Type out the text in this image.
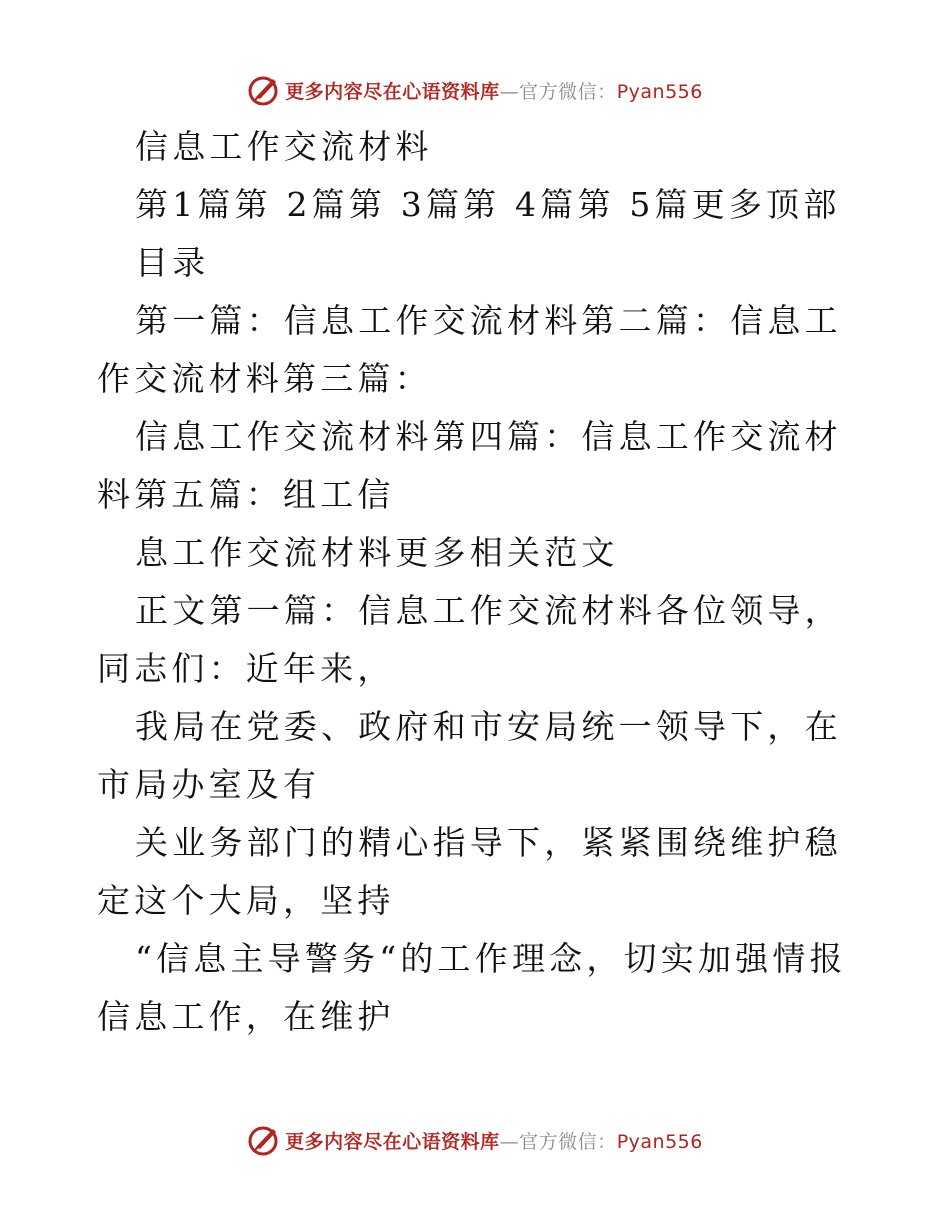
更多内容尽在心语资料库—官方微信：Pyan556

信息工作交流材料

第1篇第 2篇第 3篇第 4篇第 5篇更多顶部

目录

第一篇：信息工作交流材料第二篇：信息工作交流材料第三篇：

信息工作交流材料第四篇：信息工作交流材料第五篇：组工信

息工作交流材料更多相关范文

正文第一篇：信息工作交流材料各位领导，同志们：近年来，

我局在党委、政府和市安局统一领导下，在市局办室及有

关业务部门的精心指导下，紧紧围绕维护稳定这个大局，坚持

“信息主导警务“的工作理念，切实加强情报信息工作，在维护

更多内容尽在心语资料库—官方微信：Pyan556
